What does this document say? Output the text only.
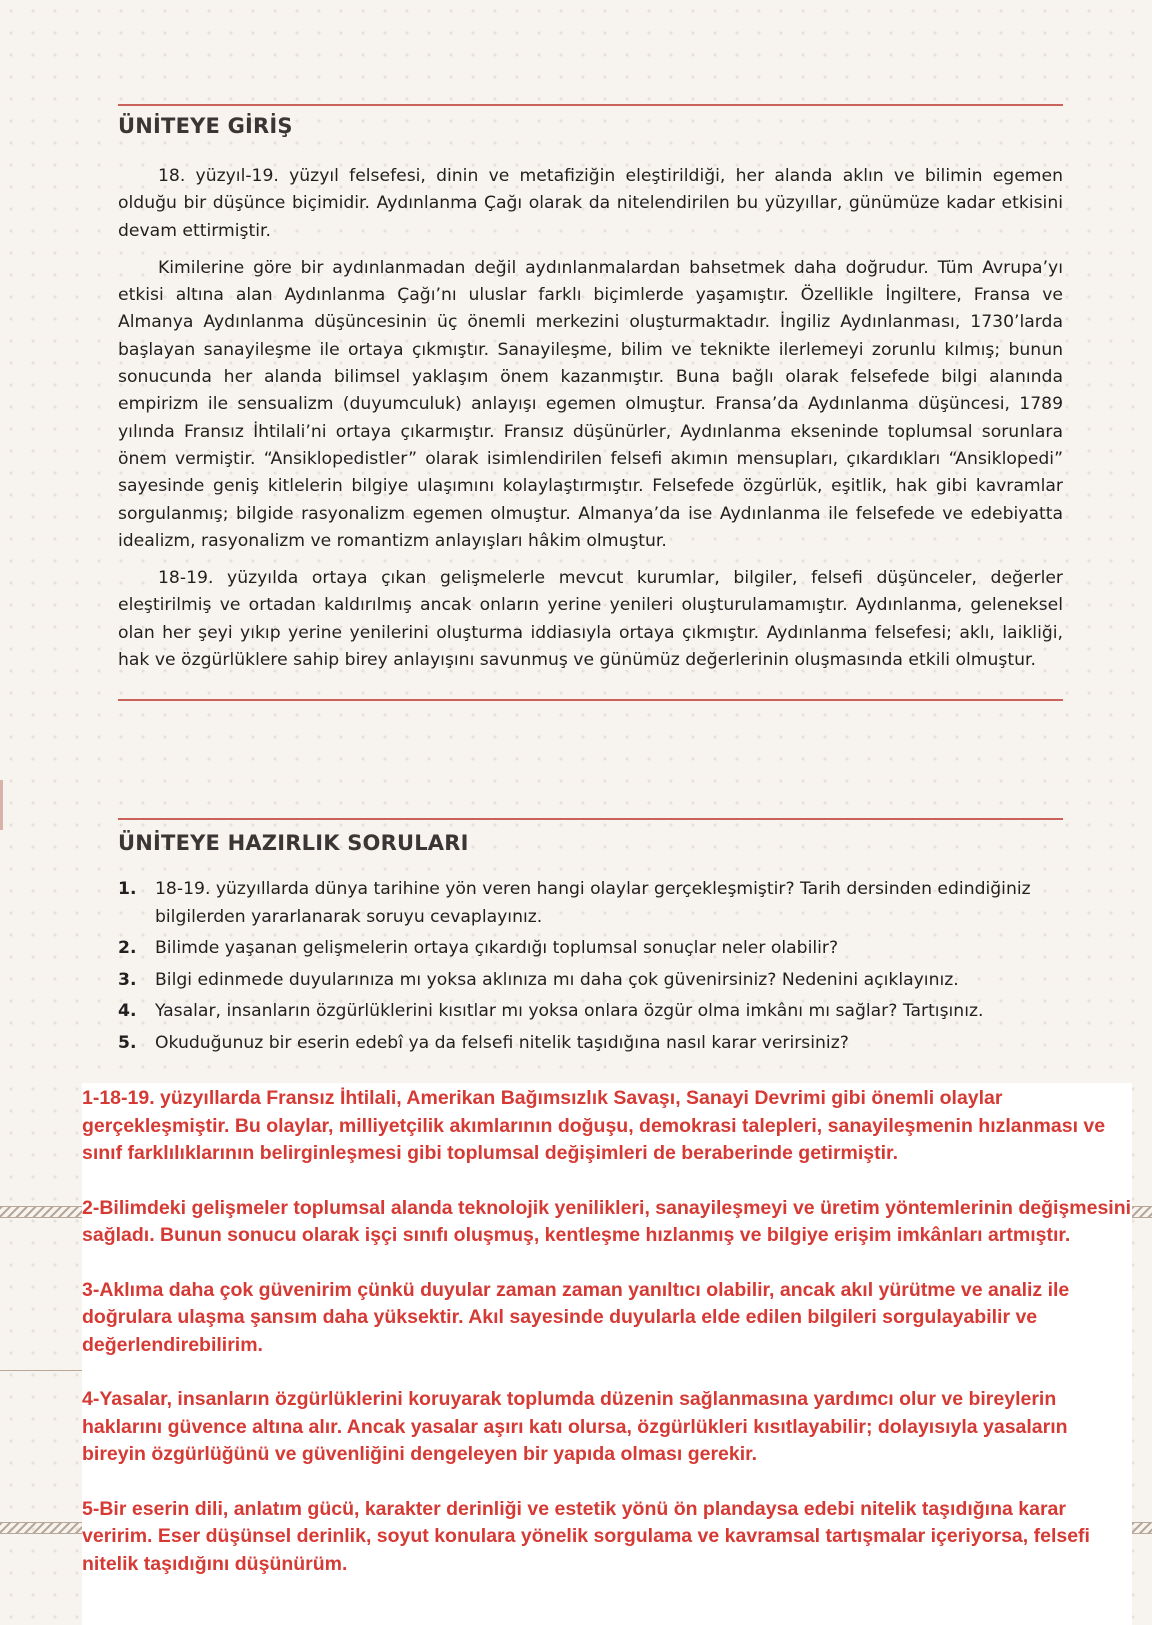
ÜNİTEYE GİRİŞ

18. yüzyıl-19. yüzyıl felsefesi, dinin ve metafiziğin eleştirildiği, her alanda aklın ve bilimin egemen olduğu bir düşünce biçimidir. Aydınlanma Çağı olarak da nitelendirilen bu yüzyıllar, günümüze kadar etkisini devam ettirmiştir.

Kimilerine göre bir aydınlanmadan değil aydınlanmalardan bahsetmek daha doğrudur. Tüm Avrupa’yı etkisi altına alan Aydınlanma Çağı’nı uluslar farklı biçimlerde yaşamıştır. Özellikle İngiltere, Fransa ve Almanya Aydınlanma düşüncesinin üç önemli merkezini oluşturmaktadır. İngiliz Aydınlanması, 1730’larda başlayan sanayileşme ile ortaya çıkmıştır. Sanayileşme, bilim ve teknikte ilerlemeyi zorunlu kılmış; bunun sonucunda her alanda bilimsel yaklaşım önem kazanmıştır. Buna bağlı olarak felsefede bilgi alanında empirizm ile sensualizm (duyumculuk) anlayışı egemen olmuştur. Fransa’da Aydınlanma düşüncesi, 1789 yılında Fransız İhtilali’ni ortaya çıkarmıştır. Fransız düşünürler, Aydınlanma ekseninde toplumsal sorunlara önem vermiştir. “Ansiklopedistler” olarak isimlendirilen felsefi akımın mensupları, çıkardıkları “Ansiklopedi” sayesinde geniş kitlelerin bilgiye ulaşımını kolaylaştırmıştır. Felsefede özgürlük, eşitlik, hak gibi kavramlar sorgulanmış; bilgide rasyonalizm egemen olmuştur. Almanya’da ise Aydınlanma ile felsefede ve edebiyatta idealizm, rasyonalizm ve romantizm anlayışları hâkim olmuştur.

18-19. yüzyılda ortaya çıkan gelişmelerle mevcut kurumlar, bilgiler, felsefi düşünceler, değerler eleştirilmiş ve ortadan kaldırılmış ancak onların yerine yenileri oluşturulamamıştır. Aydınlanma, geleneksel olan her şeyi yıkıp yerine yenilerini oluşturma iddiasıyla ortaya çıkmıştır. Aydınlanma felsefesi; aklı, laikliği, hak ve özgürlüklere sahip birey anlayışını savunmuş ve günümüz değerlerinin oluşmasında etkili olmuştur.

ÜNİTEYE HAZIRLIK SORULARI
1. 18-19. yüzyıllarda dünya tarihine yön veren hangi olaylar gerçekleşmiştir? Tarih dersinden edindiğiniz bilgilerden yararlanarak soruyu cevaplayınız.
2. Bilimde yaşanan gelişmelerin ortaya çıkardığı toplumsal sonuçlar neler olabilir?
3. Bilgi edinmede duyularınıza mı yoksa aklınıza mı daha çok güvenirsiniz? Nedenini açıklayınız.
4. Yasalar, insanların özgürlüklerini kısıtlar mı yoksa onlara özgür olma imkânı mı sağlar? Tartışınız.
5. Okuduğunuz bir eserin edebî ya da felsefi nitelik taşıdığına nasıl karar verirsiniz?

1-18-19. yüzyıllarda Fransız İhtilali, Amerikan Bağımsızlık Savaşı, Sanayi Devrimi gibi önemli olaylar gerçekleşmiştir. Bu olaylar, milliyetçilik akımlarının doğuşu, demokrasi talepleri, sanayileşmenin hızlanması ve sınıf farklılıklarının belirginleşmesi gibi toplumsal değişimleri de beraberinde getirmiştir.

2-Bilimdeki gelişmeler toplumsal alanda teknolojik yenilikleri, sanayileşmeyi ve üretim yöntemlerinin değişmesini sağladı. Bunun sonucu olarak işçi sınıfı oluşmuş, kentleşme hızlanmış ve bilgiye erişim imkânları artmıştır.

3-Aklıma daha çok güvenirim çünkü duyular zaman zaman yanıltıcı olabilir, ancak akıl yürütme ve analiz ile doğrulara ulaşma şansım daha yüksektir. Akıl sayesinde duyularla elde edilen bilgileri sorgulayabilir ve değerlendirebilirim.

4-Yasalar, insanların özgürlüklerini koruyarak toplumda düzenin sağlanmasına yardımcı olur ve bireylerin haklarını güvence altına alır. Ancak yasalar aşırı katı olursa, özgürlükleri kısıtlayabilir; dolayısıyla yasaların bireyin özgürlüğünü ve güvenliğini dengeleyen bir yapıda olması gerekir.

5-Bir eserin dili, anlatım gücü, karakter derinliği ve estetik yönü ön plandaysa edebi nitelik taşıdığına karar veririm. Eser düşünsel derinlik, soyut konulara yönelik sorgulama ve kavramsal tartışmalar içeriyorsa, felsefi nitelik taşıdığını düşünürüm.
